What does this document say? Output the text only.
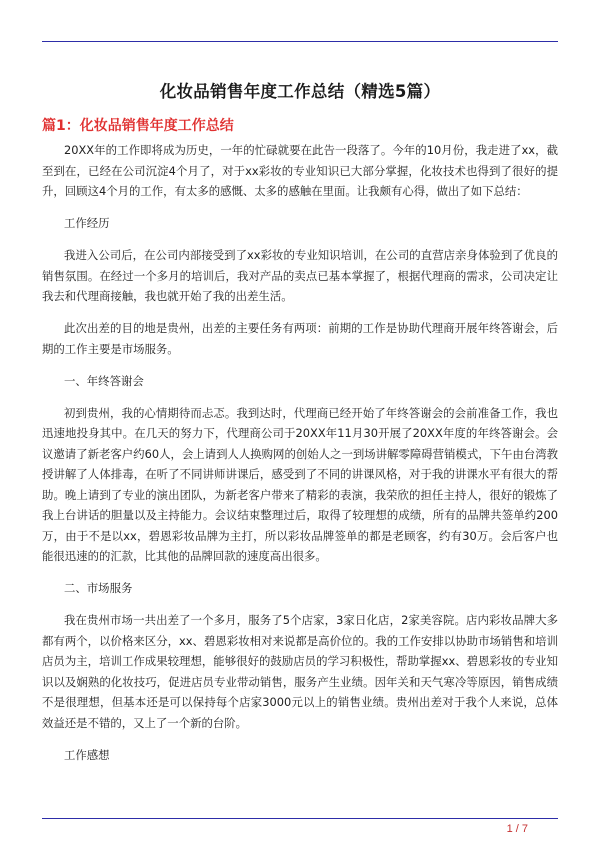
化妆品销售年度工作总结（精选5篇）
篇1：化妆品销售年度工作总结

20XX年的工作即将成为历史，一年的忙碌就要在此告一段落了。今年的10月份，我走进了xx，截至到在，已经在公司沉淀4个月了，对于xx彩妆的专业知识已大部分掌握，化妆技术也得到了很好的提升，回顾这4个月的工作，有太多的感慨、太多的感触在里面。让我颇有心得，做出了如下总结：

工作经历

我进入公司后，在公司内部接受到了xx彩妆的专业知识培训，在公司的直营店亲身体验到了优良的销售氛围。在经过一个多月的培训后，我对产品的卖点已基本掌握了，根据代理商的需求，公司决定让我去和代理商接触，我也就开始了我的出差生活。

此次出差的目的地是贵州，出差的主要任务有两项：前期的工作是协助代理商开展年终答谢会，后期的工作主要是市场服务。

一、年终答谢会

初到贵州，我的心情期待而忐忑。我到达时，代理商已经开始了年终答谢会的会前准备工作，我也迅速地投身其中。在几天的努力下，代理商公司于20XX年11月30开展了20XX年度的年终答谢会。会议邀请了新老客户约60人，会上请到人人换购网的创始人之一到场讲解零障碍营销模式，下午由台湾教授讲解了人体排毒，在听了不同讲师讲课后，感受到了不同的讲课风格，对于我的讲课水平有很大的帮助。晚上请到了专业的演出团队，为新老客户带来了精彩的表演，我荣欣的担任主持人，很好的锻炼了我上台讲话的胆量以及主持能力。会议结束整理过后，取得了较理想的成绩，所有的品牌共签单约200万，由于不是以xx，碧恩彩妆品牌为主打，所以彩妆品牌签单的都是老顾客，约有30万。会后客户也能很迅速的的汇款，比其他的品牌回款的速度高出很多。

二、市场服务

我在贵州市场一共出差了一个多月，服务了5个店家，3家日化店，2家美容院。店内彩妆品牌大多都有两个，以价格来区分，xx、碧恩彩妆相对来说都是高价位的。我的工作安排以协助市场销售和培训店员为主，培训工作成果较理想，能够很好的鼓励店员的学习积极性，帮助掌握xx、碧恩彩妆的专业知识以及娴熟的化妆技巧，促进店员专业带动销售，服务产生业绩。因年关和天气寒冷等原因，销售成绩不是很理想，但基本还是可以保持每个店家3000元以上的销售业绩。贵州出差对于我个人来说，总体效益还是不错的，又上了一个新的台阶。

工作感想

1 / 7
